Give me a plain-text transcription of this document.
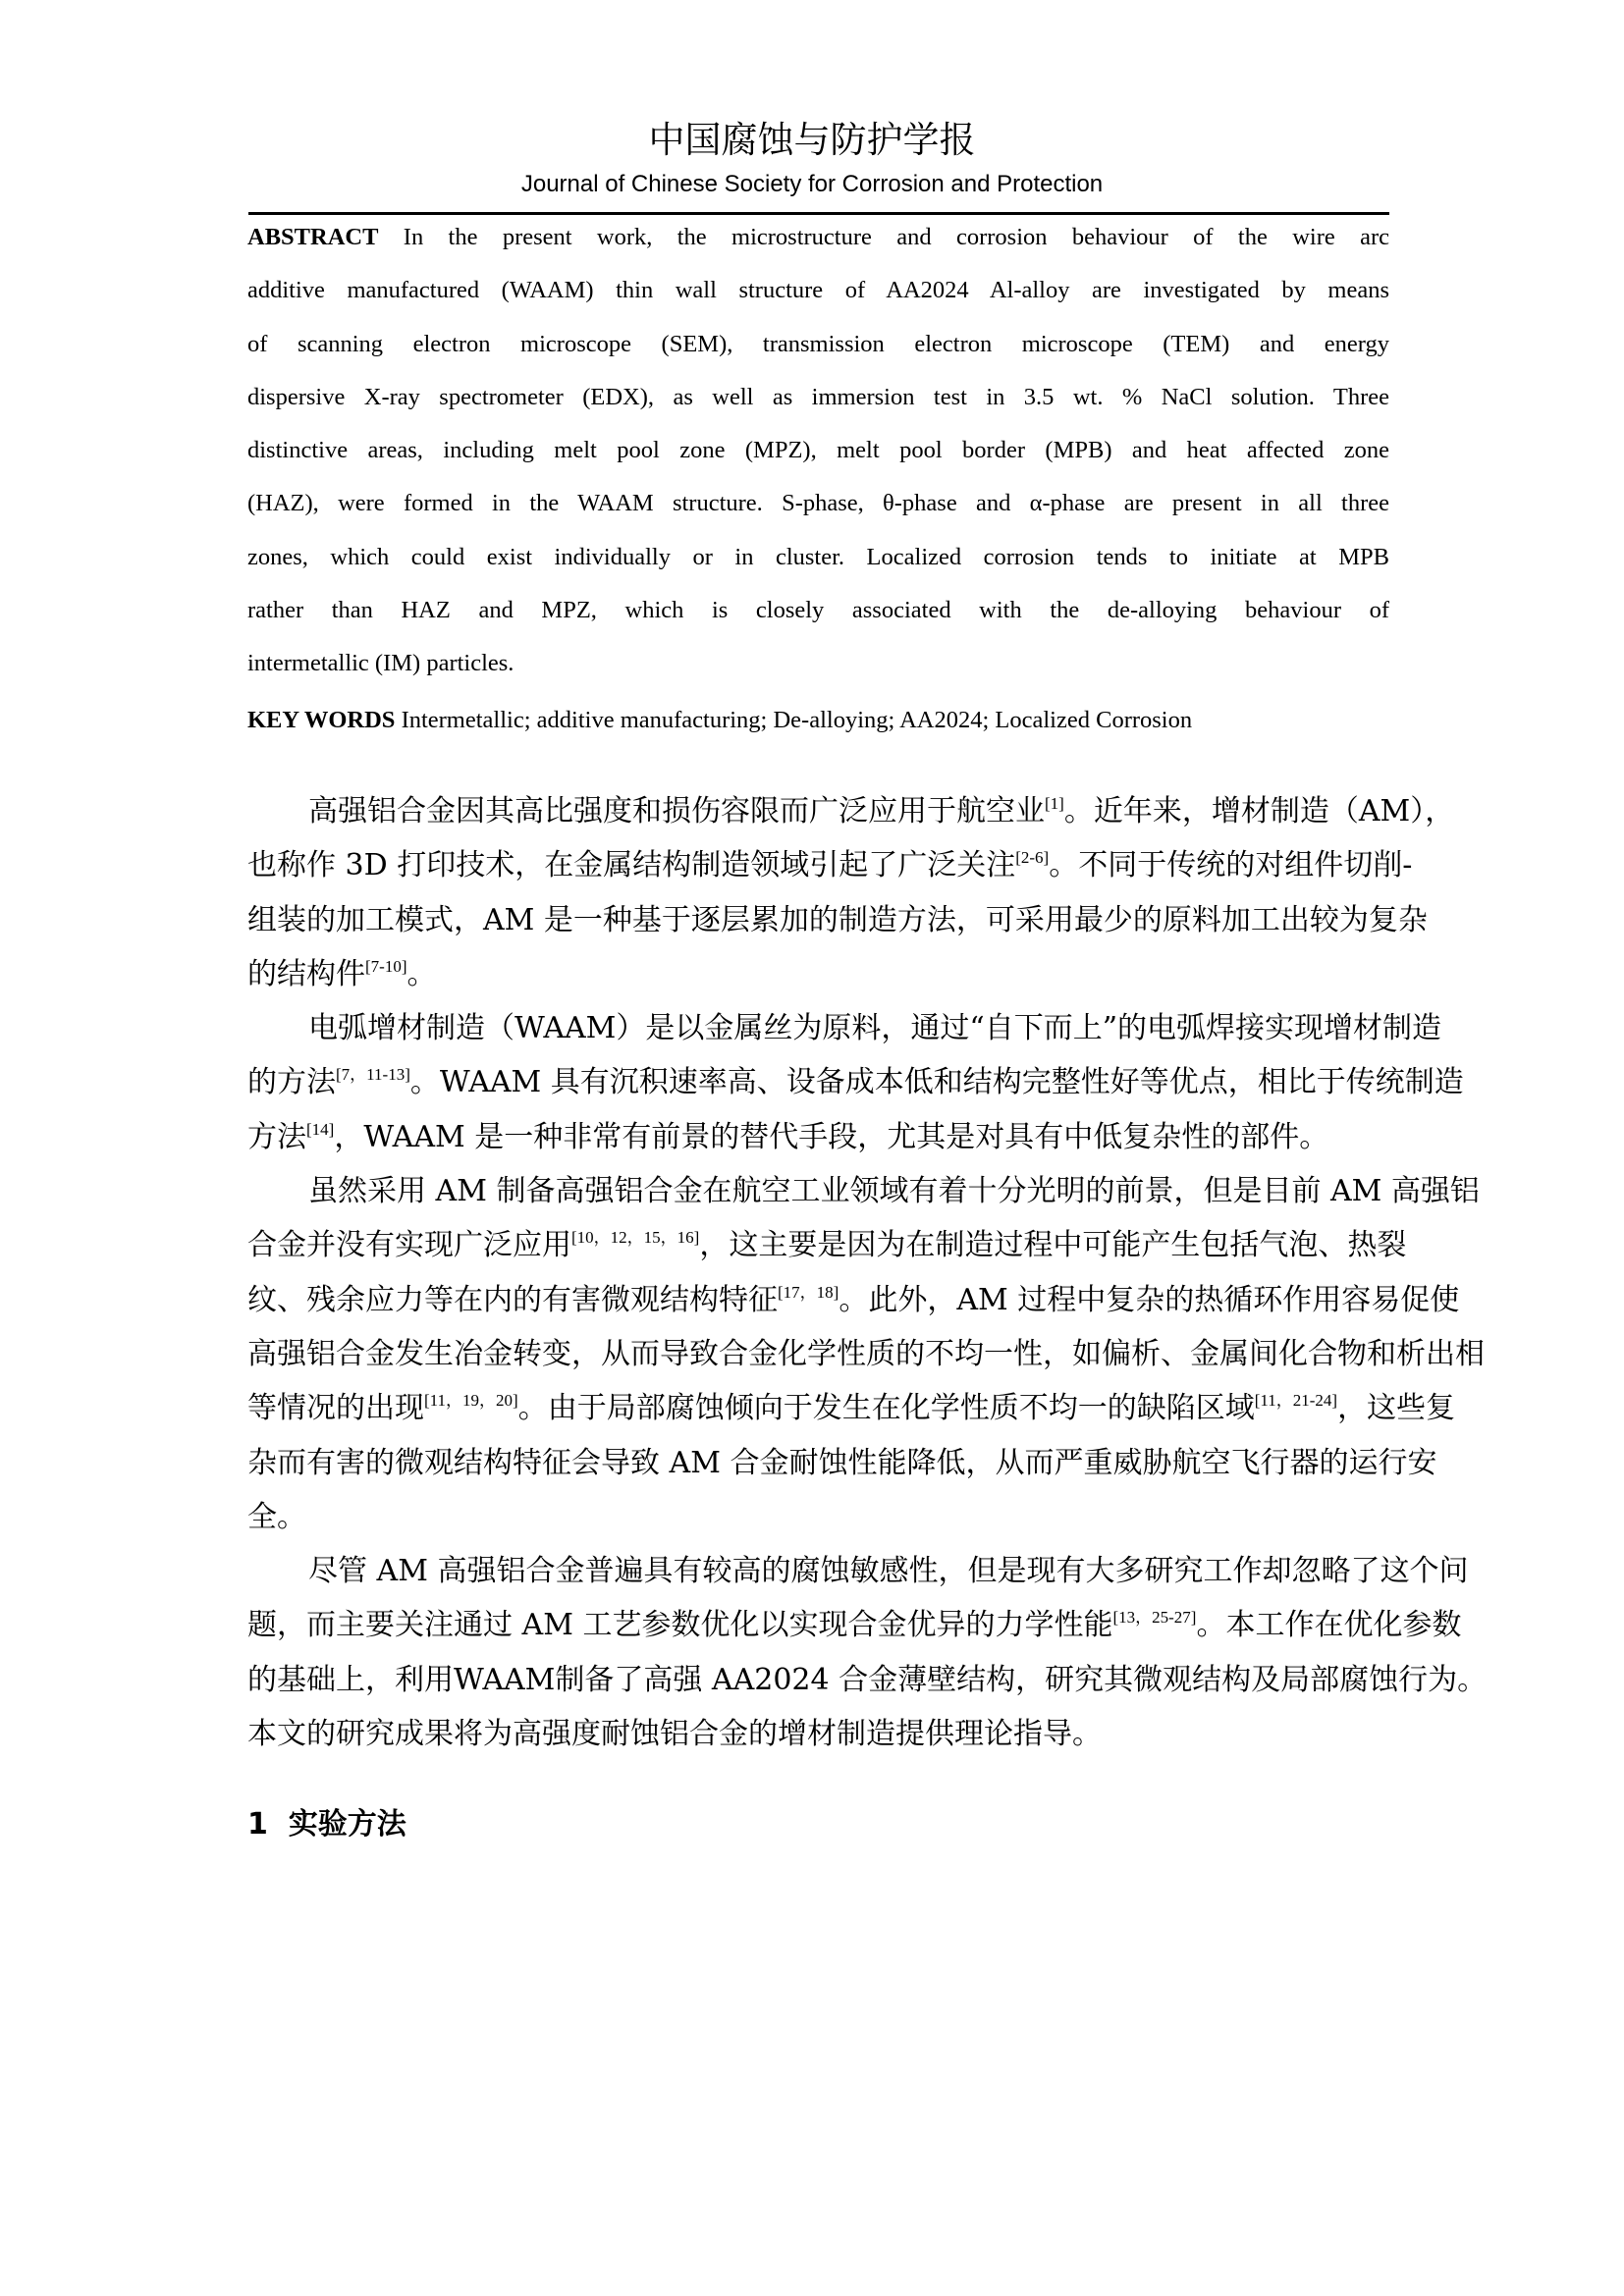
中国腐蚀与防护学报
Journal of Chinese Society for Corrosion and Protection
ABSTRACT In the present work, the microstructure and corrosion behaviour of the wire arc
additive manufactured (WAAM) thin wall structure of AA2024 Al-alloy are investigated by means
of scanning electron microscope (SEM), transmission electron microscope (TEM) and energy
dispersive X-ray spectrometer (EDX), as well as immersion test in 3.5 wt. % NaCl solution. Three
distinctive areas, including melt pool zone (MPZ), melt pool border (MPB) and heat affected zone
(HAZ), were formed in the WAAM structure. S-phase, θ-phase and α-phase are present in all three
zones, which could exist individually or in cluster. Localized corrosion tends to initiate at MPB
rather than HAZ and MPZ, which is closely associated with the de-alloying behaviour of
intermetallic (IM) particles.
KEY WORDS Intermetallic; additive manufacturing; De-alloying; AA2024; Localized Corrosion
高强铝合金因其高比强度和损伤容限而广泛应用于航空业[1]。近年来，增材制造（AM），
也称作 3D 打印技术，在金属结构制造领域引起了广泛关注[2-6]。不同于传统的对组件切削-
组装的加工模式，AM 是一种基于逐层累加的制造方法，可采用最少的原料加工出较为复杂
的结构件[7-10]。
电弧增材制造（WAAM）是以金属丝为原料，通过“自下而上”的电弧焊接实现增材制造
的方法[7，11-13]。WAAM 具有沉积速率高、设备成本低和结构完整性好等优点，相比于传统制造
方法[14]，WAAM 是一种非常有前景的替代手段，尤其是对具有中低复杂性的部件。
虽然采用 AM 制备高强铝合金在航空工业领域有着十分光明的前景，但是目前 AM 高强铝
合金并没有实现广泛应用[10，12，15，16]，这主要是因为在制造过程中可能产生包括气泡、热裂
纹、残余应力等在内的有害微观结构特征[17，18]。此外，AM 过程中复杂的热循环作用容易促使
高强铝合金发生冶金转变，从而导致合金化学性质的不均一性，如偏析、金属间化合物和析出相
等情况的出现[11，19，20]。由于局部腐蚀倾向于发生在化学性质不均一的缺陷区域[11，21-24]，这些复
杂而有害的微观结构特征会导致 AM 合金耐蚀性能降低，从而严重威胁航空飞行器的运行安
全。
尽管 AM 高强铝合金普遍具有较高的腐蚀敏感性，但是现有大多研究工作却忽略了这个问
题，而主要关注通过 AM 工艺参数优化以实现合金优异的力学性能[13，25-27]。本工作在优化参数
的基础上，利用WAAM制备了高强 AA2024 合金薄壁结构，研究其微观结构及局部腐蚀行为。
本文的研究成果将为高强度耐蚀铝合金的增材制造提供理论指导。
1  实验方法
